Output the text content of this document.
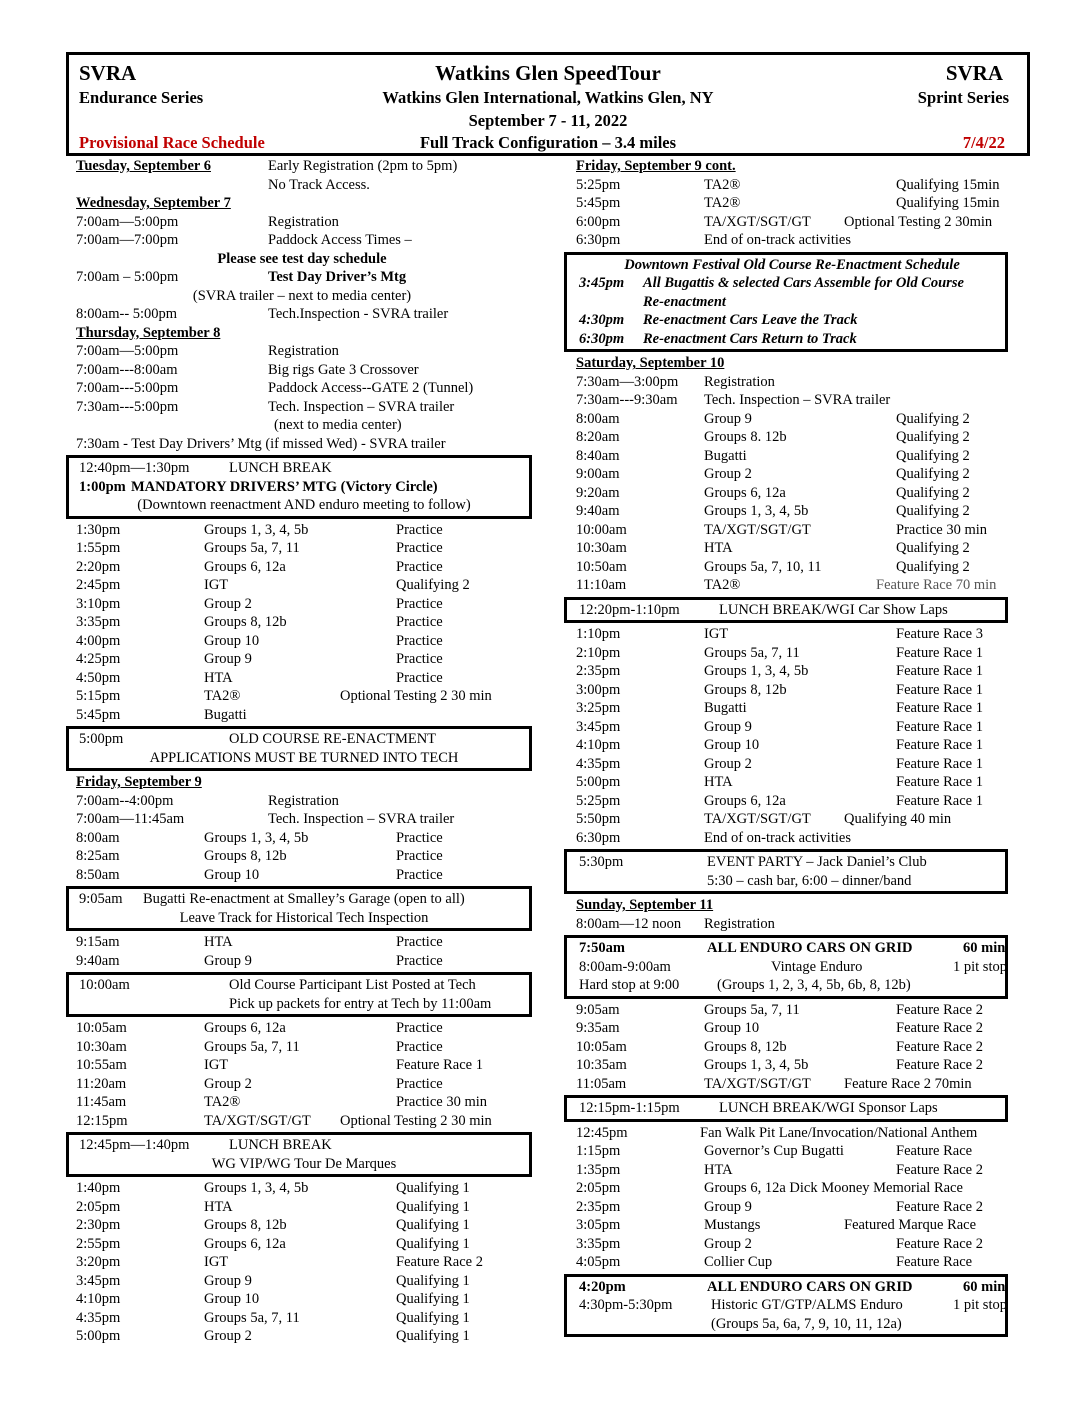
SVRA
Endurance Series
Watkins Glen SpeedTour
Watkins Glen International, Watkins Glen, NY
September 7 - 11, 2022
Full Track Configuration – 3.4 miles
SVRA
Sprint Series
Provisional Race Schedule	7/4/22
Tuesday, September 6	Early Registration (2pm to 5pm)
No Track Access.
Wednesday, September 7
7:00am—5:00pm	Registration
7:00am—7:00pm	Paddock Access Times –
Please see test day schedule
7:00am – 5:00pm	Test Day Driver’s Mtg
(SVRA trailer – next to media center)
8:00am-- 5:00pm	Tech.Inspection - SVRA trailer
Thursday, September 8
7:00am—5:00pm	Registration
7:00am---8:00am	Big rigs Gate 3 Crossover
7:00am---5:00pm	Paddock Access--GATE 2 (Tunnel)
7:30am---5:00pm	Tech. Inspection – SVRA trailer
(next to media center)
7:30am - Test Day Drivers’ Mtg (if missed Wed) - SVRA trailer
12:40pm—1:30pm	LUNCH BREAK
1:00pm MANDATORY DRIVERS’ MTG (Victory Circle)
(Downtown reenactment AND enduro meeting to follow)
1:30pm	Groups 1, 3, 4, 5b	Practice
1:55pm	Groups 5a, 7, 11	Practice
2:20pm	Groups 6, 12a	Practice
2:45pm	IGT	Qualifying 2
3:10pm	Group 2	Practice
3:35pm	Groups 8, 12b	Practice
4:00pm	Group 10	Practice
4:25pm	Group 9	Practice
4:50pm	HTA	Practice
5:15pm	TA2®	Optional Testing 2 30 min
5:45pm	Bugatti
5:00pm	OLD COURSE RE-ENACTMENT
APPLICATIONS MUST BE TURNED INTO TECH
Friday, September 9
7:00am--4:00pm	Registration
7:00am—11:45am	Tech. Inspection – SVRA trailer
8:00am	Groups 1, 3, 4, 5b	Practice
8:25am	Groups 8, 12b	Practice
8:50am	Group 10	Practice
9:05am Bugatti Re-enactment at Smalley’s Garage (open to all)
Leave Track for Historical Tech Inspection
9:15am	HTA	Practice
9:40am	Group 9	Practice
10:00am	Old Course Participant List Posted at Tech
Pick up packets for entry at Tech by 11:00am
10:05am	Groups 6, 12a	Practice
10:30am	Groups 5a, 7, 11	Practice
10:55am	IGT	Feature Race 1
11:20am	Group 2	Practice
11:45am	TA2®	Practice 30 min
12:15pm	TA/XGT/SGT/GT Optional Testing 2 30 min
12:45pm—1:40pm	LUNCH BREAK
WG VIP/WG Tour De Marques
1:40pm	Groups 1, 3, 4, 5b	Qualifying 1
2:05pm	HTA	Qualifying 1
2:30pm	Groups 8, 12b	Qualifying 1
2:55pm	Groups 6, 12a	Qualifying 1
3:20pm	IGT	Feature Race 2
3:45pm	Group 9	Qualifying 1
4:10pm	Group 10	Qualifying 1
4:35pm	Groups 5a, 7, 11	Qualifying 1
5:00pm	Group 2	Qualifying 1
Friday, September 9 cont.
5:25pm	TA2®	Qualifying 15min
5:45pm	TA2®	Qualifying 15min
6:00pm	TA/XGT/SGT/GT Optional Testing 2 30min
6:30pm	End of on-track activities
Downtown Festival Old Course Re-Enactment Schedule
3:45pm All Bugattis & selected Cars Assemble for Old Course
Re-enactment
4:30pm Re-enactment Cars Leave the Track
6:30pm Re-enactment Cars Return to Track
Saturday, September 10
7:30am—3:00pm Registration
7:30am---9:30am Tech. Inspection – SVRA trailer
8:00am	Group 9	Qualifying 2
8:20am	Groups 8. 12b	Qualifying 2
8:40am	Bugatti	Qualifying 2
9:00am	Group 2	Qualifying 2
9:20am	Groups 6, 12a	Qualifying 2
9:40am	Groups 1, 3, 4, 5b	Qualifying 2
10:00am	TA/XGT/SGT/GT	Practice 30 min
10:30am	HTA	Qualifying 2
10:50am	Groups 5a, 7, 10, 11	Qualifying 2
11:10am	TA2®	Feature Race 70 min
12:20pm-1:10pm	LUNCH BREAK/WGI Car Show Laps
1:10pm	IGT	Feature Race 3
2:10pm	Groups 5a, 7, 11	Feature Race 1
2:35pm	Groups 1, 3, 4, 5b	Feature Race 1
3:00pm	Groups 8, 12b	Feature Race 1
3:25pm	Bugatti	Feature Race 1
3:45pm	Group 9	Feature Race 1
4:10pm	Group 10	Feature Race 1
4:35pm	Group 2	Feature Race 1
5:00pm	HTA	Feature Race 1
5:25pm	Groups 6, 12a	Feature Race 1
5:50pm	TA/XGT/SGT/GT Qualifying 40 min
6:30pm	End of on-track activities
5:30pm	EVENT PARTY – Jack Daniel’s Club
5:30 – cash bar, 6:00 – dinner/band
Sunday, September 11
8:00am—12 noon Registration
7:50am	ALL ENDURO CARS ON GRID	60 min
8:00am-9:00am	Vintage Enduro	1 pit stop
Hard stop at 9:00	(Groups 1, 2, 3, 4, 5b, 6b, 8, 12b)
9:05am	Groups 5a, 7, 11	Feature Race 2
9:35am	Group 10	Feature Race 2
10:05am	Groups 8, 12b	Feature Race 2
10:35am	Groups 1, 3, 4, 5b	Feature Race 2
11:05am	TA/XGT/SGT/GT Feature Race 2 70min
12:15pm-1:15pm	LUNCH BREAK/WGI Sponsor Laps
12:45pm	Fan Walk Pit Lane/Invocation/National Anthem
1:15pm	Governor’s Cup Bugatti	Feature Race
1:35pm	HTA	Feature Race 2
2:05pm	Groups 6, 12a Dick Mooney Memorial Race
2:35pm	Group 9	Feature Race 2
3:05pm	Mustangs	Featured Marque Race
3:35pm	Group 2	Feature Race 2
4:05pm	Collier Cup	Feature Race
4:20pm	ALL ENDURO CARS ON GRID	60 min
4:30pm-5:30pm	Historic GT/GTP/ALMS Enduro	1 pit stop
(Groups 5a, 6a, 7, 9, 10, 11, 12a)
